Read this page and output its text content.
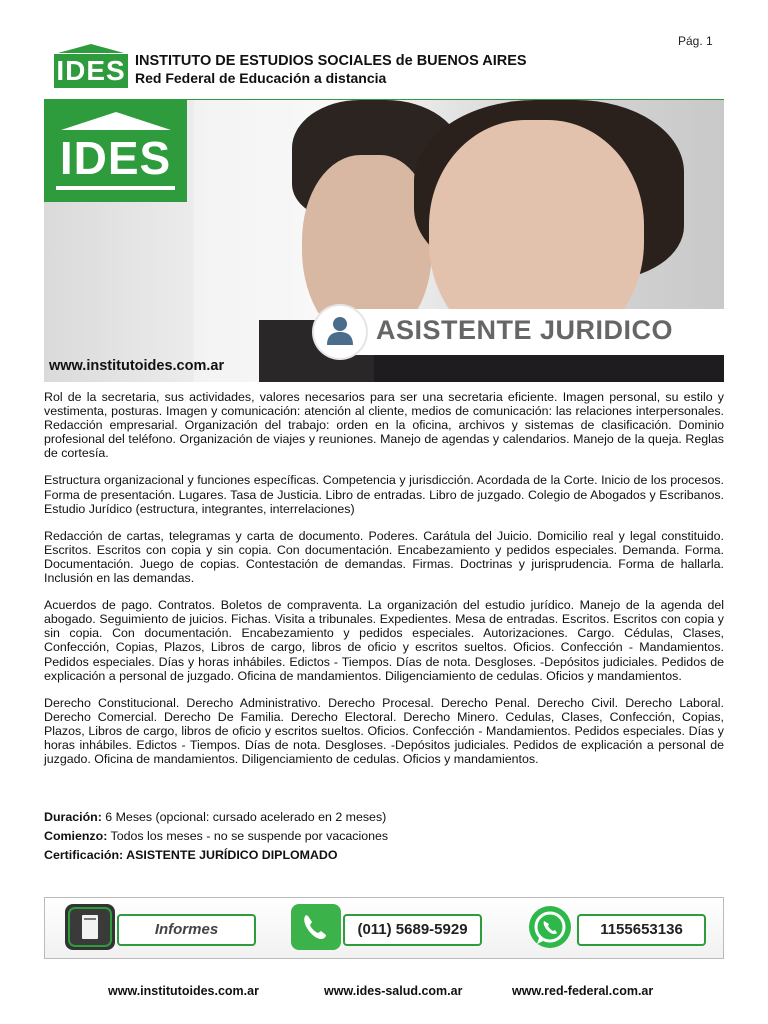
Pág. 1
IDES INSTITUTO DE ESTUDIOS SOCIALES de BUENOS AIRES
Red Federal de Educación a distancia
IDES
ASISTENTE JURIDICO
www.institutoides.com.ar

Rol de la secretaria, sus actividades, valores necesarios para ser una secretaria eficiente. Imagen personal, su estilo y vestimenta, posturas. Imagen y comunicación: atención al cliente, medios de comunicación: las relaciones interpersonales. Redacción empresarial. Organización del trabajo: orden en la oficina, archivos y sistemas de clasificación. Dominio profesional del teléfono. Organización de viajes y reuniones. Manejo de agendas y calendarios. Manejo de la queja. Reglas de cortesía.

Estructura organizacional y funciones específicas. Competencia y jurisdicción. Acordada de la Corte. Inicio de los procesos. Forma de presentación. Lugares. Tasa de Justicia. Libro de entradas. Libro de juzgado. Colegio de Abogados y Escribanos. Estudio Jurídico (estructura, integrantes, interrelaciones)

Redacción de cartas, telegramas y carta de documento. Poderes. Carátula del Juicio. Domicilio real y legal constituido. Escritos. Escritos con copia y sin copia. Con documentación. Encabezamiento y pedidos especiales. Demanda. Forma. Documentación. Juego de copias. Contestación de demandas. Firmas. Doctrinas y jurisprudencia. Forma de hallarla. Inclusión en las demandas.

Acuerdos de pago. Contratos. Boletos de compraventa. La organización del estudio jurídico. Manejo de la agenda del abogado. Seguimiento de juicios. Fichas. Visita a tribunales. Expedientes. Mesa de entradas. Escritos. Escritos con copia y sin copia. Con documentación. Encabezamiento y pedidos especiales. Autorizaciones. Cargo. Cédulas, Clases, Confección, Copias, Plazos, Libros de cargo, libros de oficio y escritos sueltos. Oficios. Confección - Mandamientos. Pedidos especiales. Días y horas inhábiles. Edictos - Tiempos. Días de nota. Desgloses. -Depósitos judiciales. Pedidos de explicación a personal de juzgado. Oficina de mandamientos. Diligenciamiento de cedulas. Oficios y mandamientos.

Derecho Constitucional. Derecho Administrativo. Derecho Procesal. Derecho Penal. Derecho Civil. Derecho Laboral. Derecho Comercial. Derecho De Familia. Derecho Electoral. Derecho Minero. Cedulas, Clases, Confección, Copias, Plazos, Libros de cargo, libros de oficio y escritos sueltos. Oficios. Confección - Mandamientos. Pedidos especiales. Días y horas inhábiles. Edictos - Tiempos. Días de nota. Desgloses. -Depósitos judiciales. Pedidos de explicación a personal de juzgado. Oficina de mandamientos. Diligenciamiento de cedulas. Oficios y mandamientos.

Duración: 6 Meses (opcional: cursado acelerado en 2 meses)
Comienzo: Todos los meses - no se suspende por vacaciones
Certificación: ASISTENTE JURÍDICO DIPLOMADO
Informes	(011) 5689-5929	1155653136
www.institutoides.com.ar	www.ides-salud.com.ar	www.red-federal.com.ar
